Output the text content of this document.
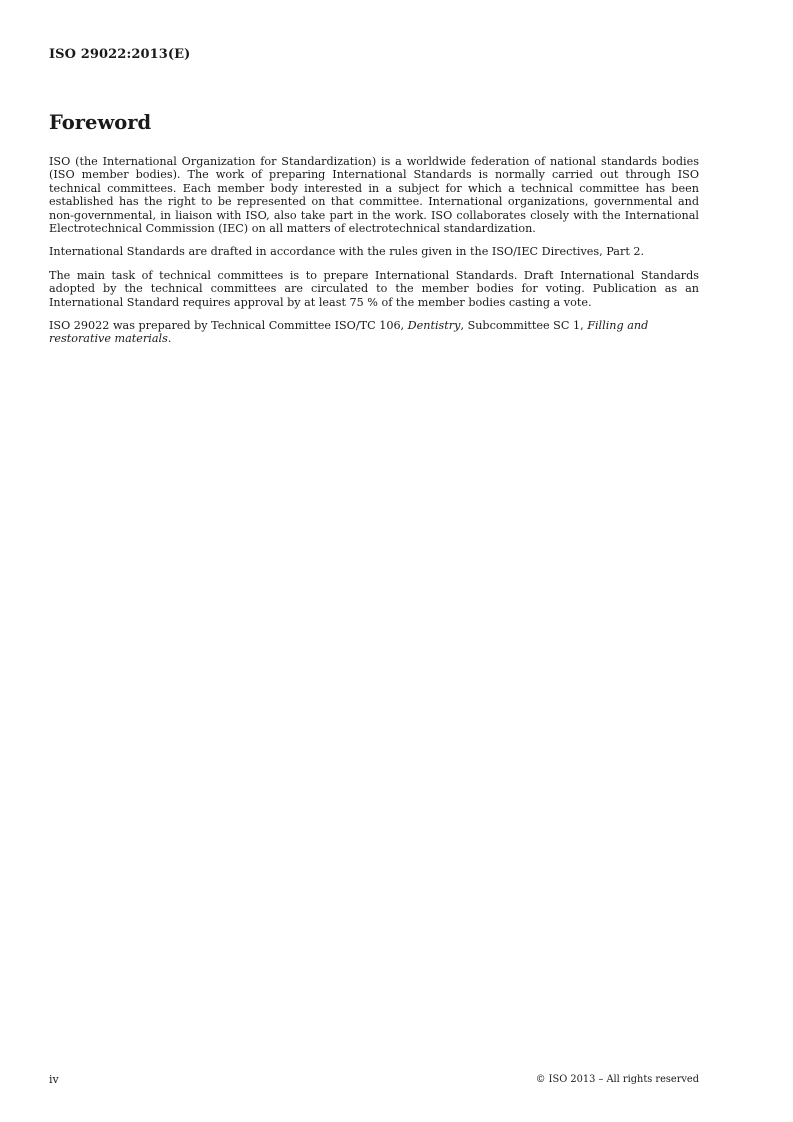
ISO 29022:2013(E)
Foreword

ISO (the International Organization for Standardization) is a worldwide federation of national standards bodies (ISO member bodies). The work of preparing International Standards is normally carried out through ISO technical committees. Each member body interested in a subject for which a technical committee has been established has the right to be represented on that committee. International organizations, governmental and non-governmental, in liaison with ISO, also take part in the work. ISO collaborates closely with the International Electrotechnical Commission (IEC) on all matters of electrotechnical standardization.

International Standards are drafted in accordance with the rules given in the ISO/IEC Directives, Part 2.

The main task of technical committees is to prepare International Standards. Draft International Standards adopted by the technical committees are circulated to the member bodies for voting. Publication as an International Standard requires approval by at least 75 % of the member bodies casting a vote.

ISO 29022 was prepared by Technical Committee ISO/TC 106, Dentistry, Subcommittee SC 1, Filling and restorative materials.

iv	© ISO 2013 – All rights reserved
